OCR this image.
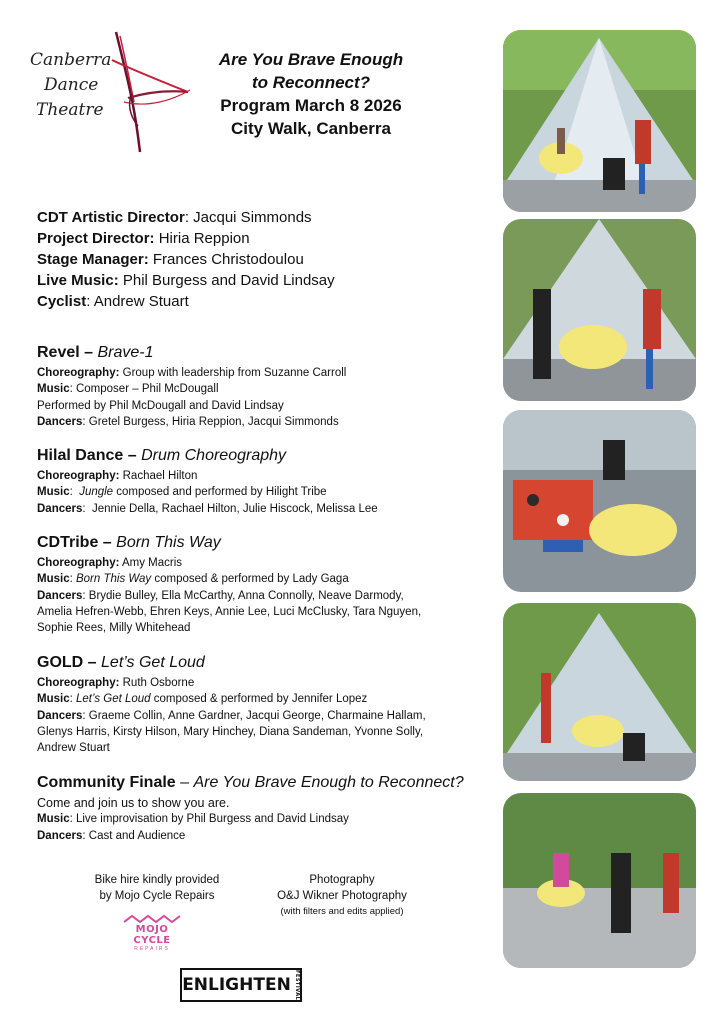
Canberra
Dance
Theatre
Are You Brave Enough
to Reconnect?
Program March 8 2026
City Walk, Canberra
CDT Artistic Director: Jacqui Simmonds
Project Director: Hiria Reppion
Stage Manager: Frances Christodoulou
Live Music: Phil Burgess and David Lindsay
Cyclist: Andrew Stuart
Revel – Brave-1
Choreography: Group with leadership from Suzanne Carroll
Music: Composer – Phil McDougall
Performed by Phil McDougall and David Lindsay
Dancers: Gretel Burgess, Hiria Reppion, Jacqui Simmonds
Hilal Dance – Drum Choreography
Choreography: Rachael Hilton
Music:  Jungle composed and performed by Hilight Tribe
Dancers:  Jennie Della, Rachael Hilton, Julie Hiscock, Melissa Lee
CDTribe – Born This Way
Choreography: Amy Macris
Music: Born This Way composed & performed by Lady Gaga
Dancers: Brydie Bulley, Ella McCarthy, Anna Connolly, Neave Darmody,
Amelia Hefren-Webb, Ehren Keys, Annie Lee, Luci McClusky, Tara Nguyen,
Sophie Rees, Milly Whitehead
GOLD – Let’s Get Loud
Choreography: Ruth Osborne
Music: Let’s Get Loud composed & performed by Jennifer Lopez
Dancers: Graeme Collin, Anne Gardner, Jacqui George, Charmaine Hallam,
Glenys Harris, Kirsty Hilson, Mary Hinchey, Diana Sandeman, Yvonne Solly,
Andrew Stuart
Community Finale – Are You Brave Enough to Reconnect?
Come and join us to show you are.
Music: Live improvisation by Phil Burgess and David Lindsay
Dancers: Cast and Audience
Bike hire kindly provided
by Mojo Cycle Repairs
Photography
O&J Wikner Photography
(with filters and edits applied)
MOJO CYCLE
REPAIRS
ENLIGHTEN FESTIVAL
